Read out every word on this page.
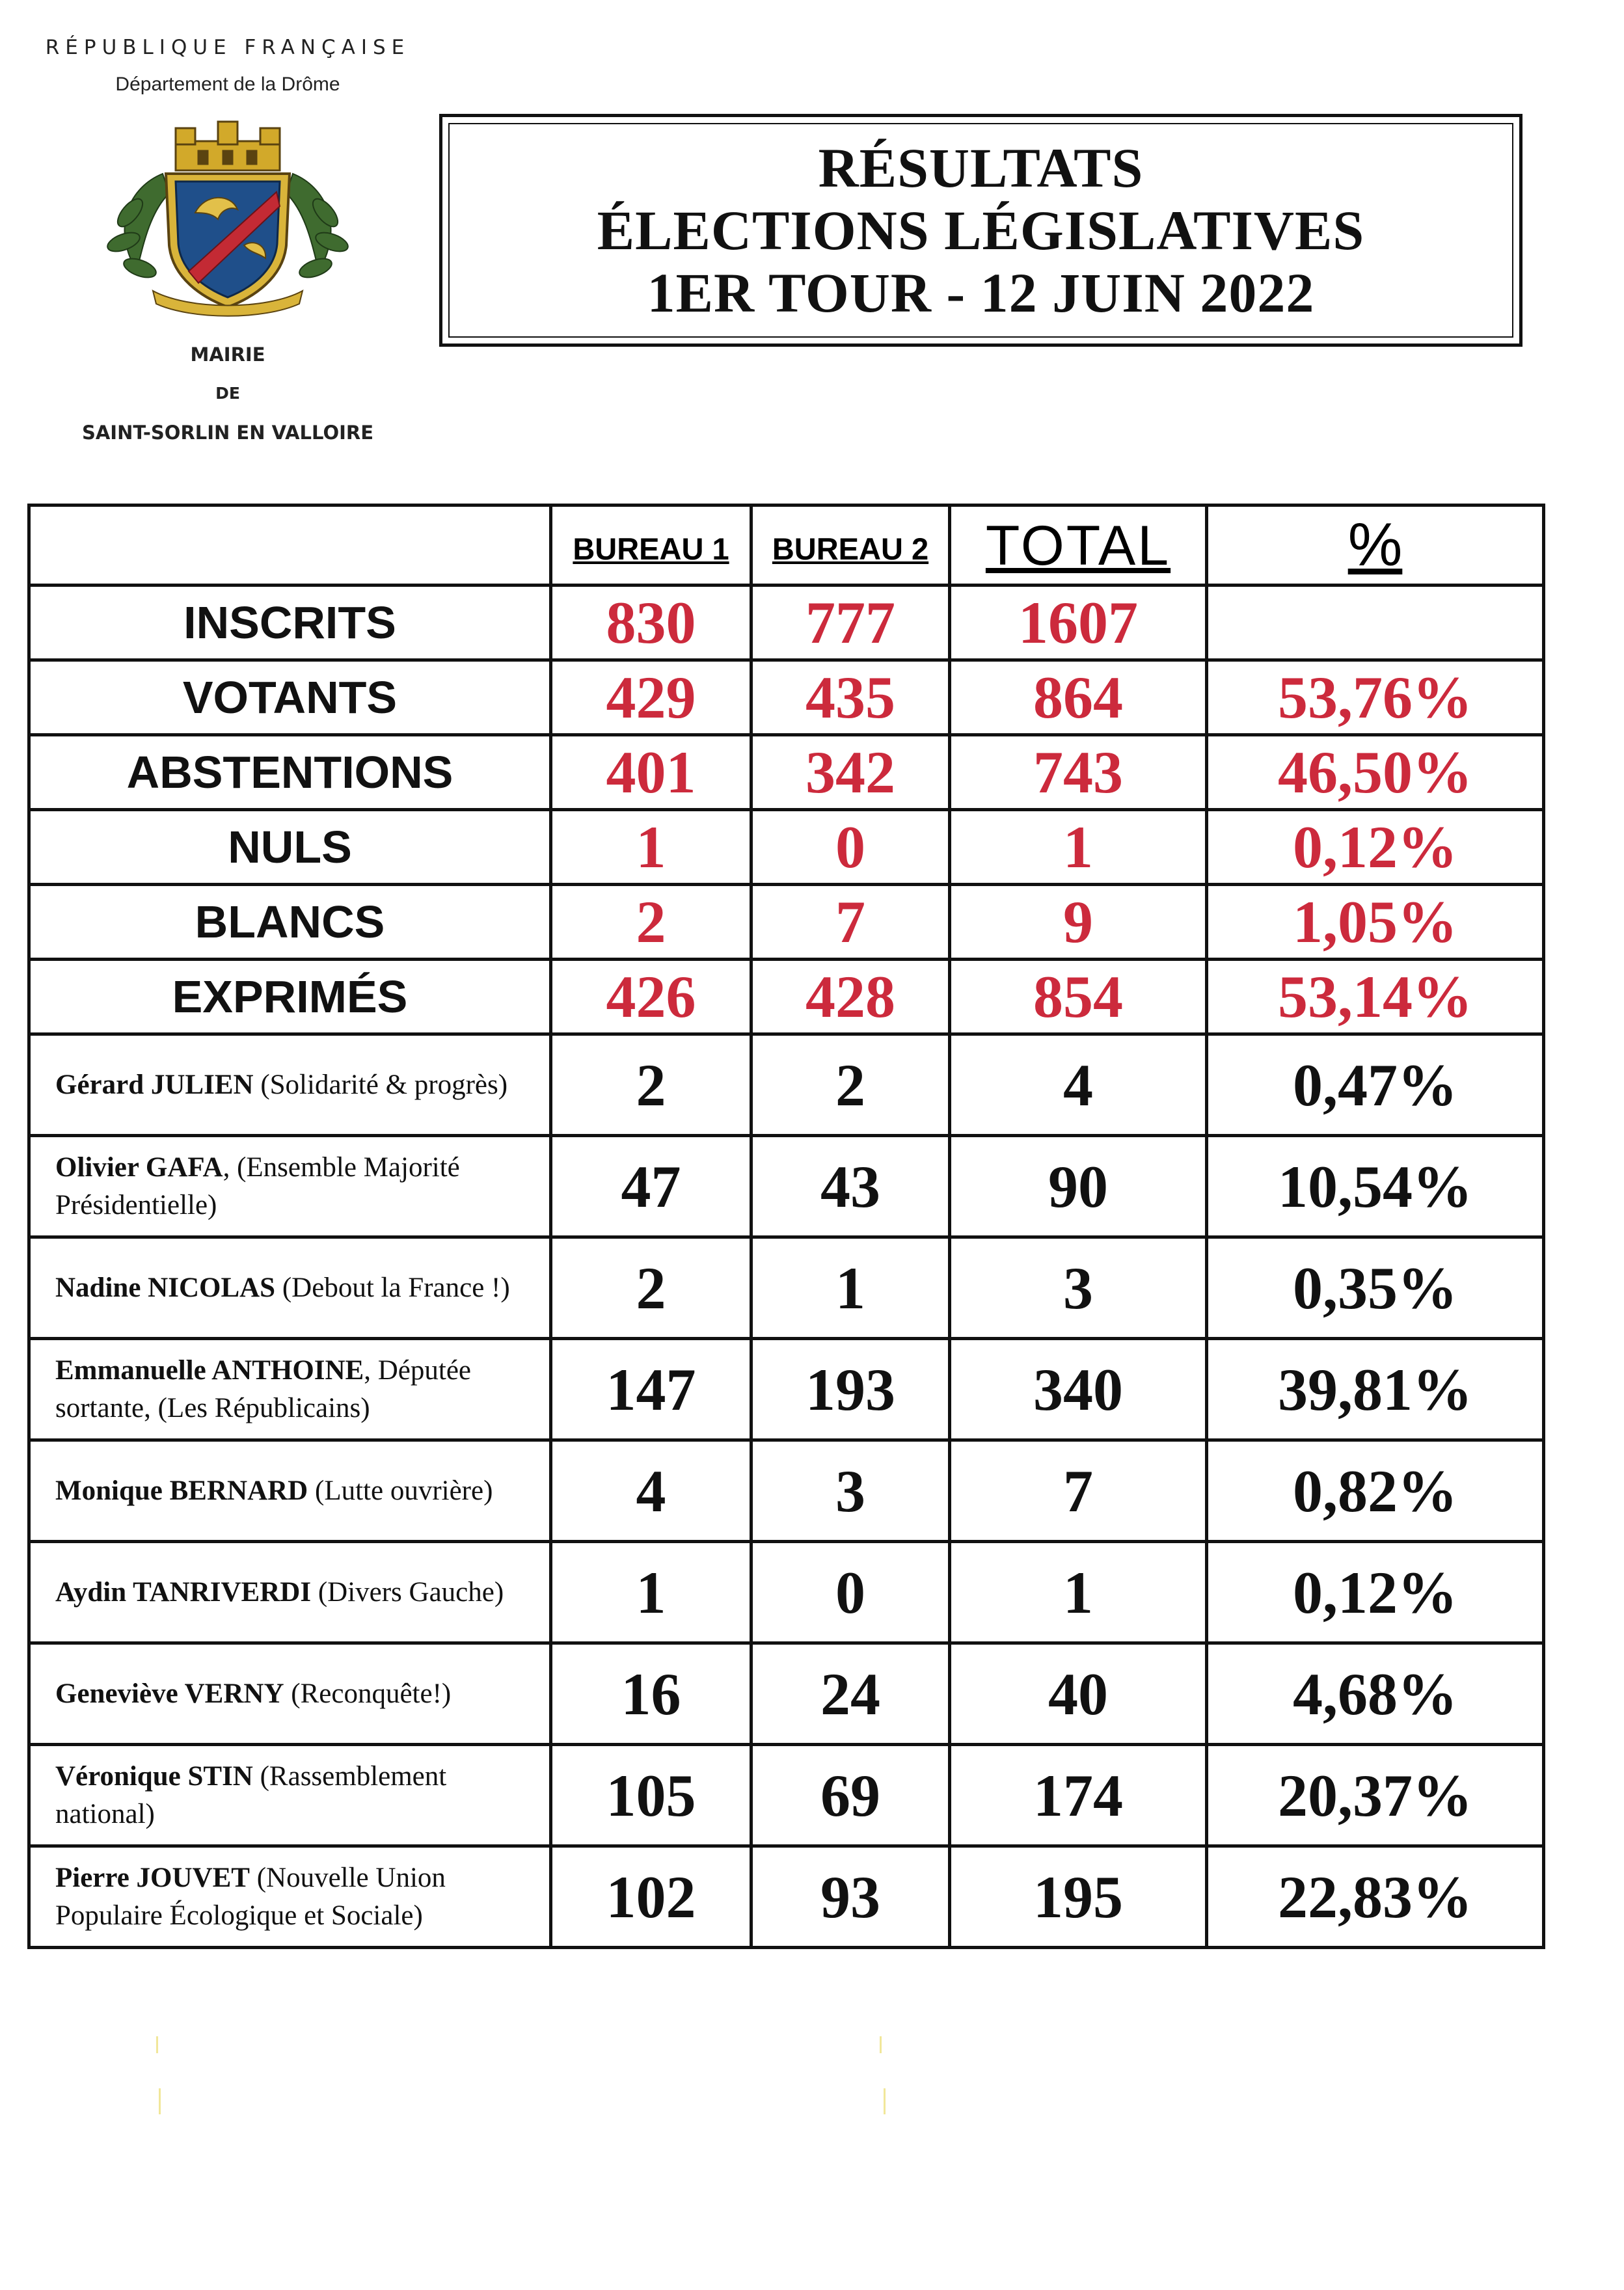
RÉPUBLIQUE FRANÇAISE
Département de la Drôme
MAIRIE
DE
SAINT-SORLIN EN VALLOIRE
RÉSULTATS
ÉLECTIONS LÉGISLATIVES
1ER TOUR - 12 JUIN 2022
	BUREAU 1	BUREAU 2	TOTAL	%
INSCRITS	830	777	1607	
VOTANTS	429	435	864	53,76%
ABSTENTIONS	401	342	743	46,50%
NULS	1	0	1	0,12%
BLANCS	2	7	9	1,05%
EXPRIMÉS	426	428	854	53,14%
Gérard JULIEN (Solidarité & progrès)	2	2	4	0,47%
Olivier GAFA, (Ensemble Majorité Présidentielle)	47	43	90	10,54%
Nadine NICOLAS (Debout la France !)	2	1	3	0,35%
Emmanuelle ANTHOINE, Députée sortante, (Les Républicains)	147	193	340	39,81%
Monique BERNARD (Lutte ouvrière)	4	3	7	0,82%
Aydin TANRIVERDI (Divers Gauche)	1	0	1	0,12%
Geneviève VERNY (Reconquête!)	16	24	40	4,68%
Véronique STIN (Rassemblement national)	105	69	174	20,37%
Pierre JOUVET (Nouvelle Union Populaire Écologique et Sociale)	102	93	195	22,83%
